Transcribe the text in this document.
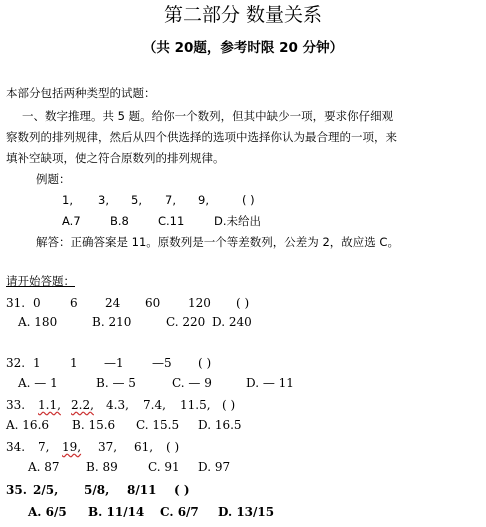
第二部分 数量关系
（共 20题，参考时限 20 分钟）
本部分包括两种类型的试题：
一、数字推理。共 5 题。给你一个数列，但其中缺少一项，要求你仔细观
察数列的排列规律，然后从四个供选择的选项中选择你认为最合理的一项，来
填补空缺项，使之符合原数列的排列规律。
例题：
1, 3, 5, 7, 9,	( )
A.7	B.8	C.11	D.未给出
解答：正确答案是 11。原数列是一个等差数列，公差为 2，故应选 C。
请开始答题：
31. 0 6 24 60 120 ( )
A. 180	B. 210	C. 220 D. 240
32. 1 1 —1 —5 ( )
A. — 1	B. — 5	C. — 9	D. — 11
33. 1.1, 2.2, 4.3, 7.4, 11.5, ( )
A. 16.6 B. 15.6 C. 15.5 D. 16.5
34. 7, 19, 37, 61, ( )
A. 87 B. 89	C. 91 D. 97
35. 2/5, 5/8, 8/11 ( )
A. 6/5 B. 11/14 C. 6/7 D. 13/15
